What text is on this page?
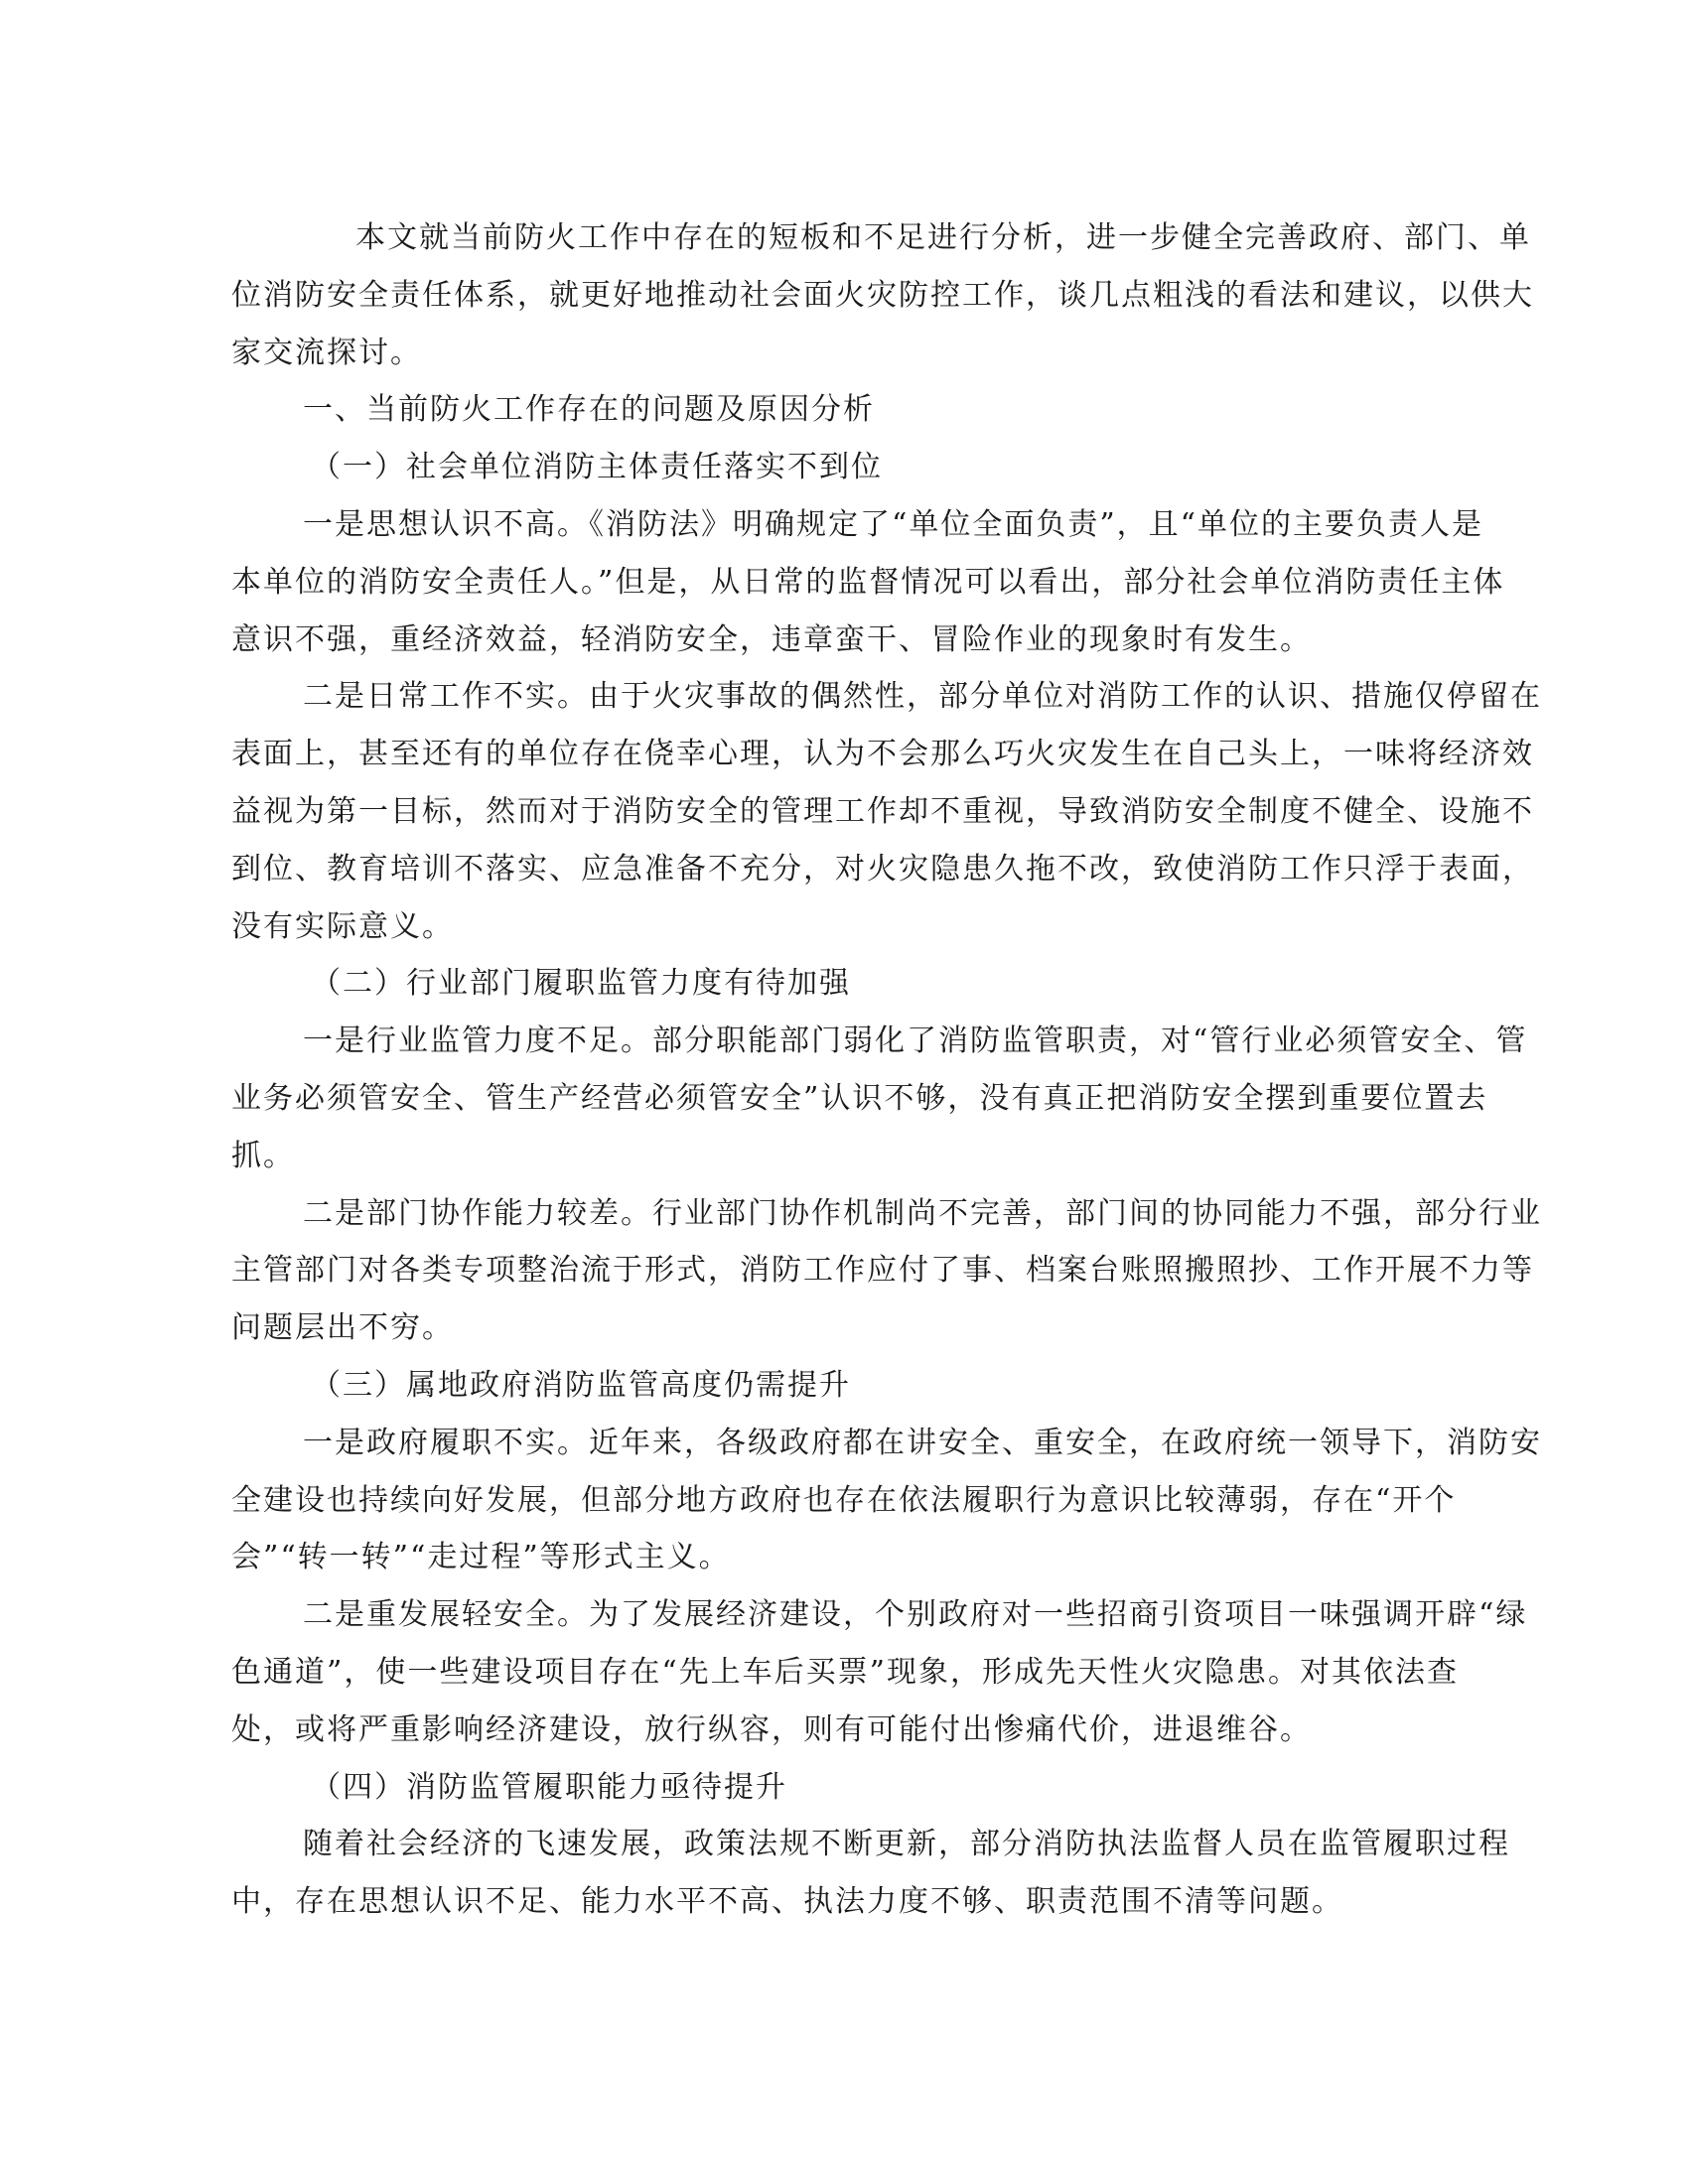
本文就当前防火工作中存在的短板和不足进行分析，进一步健全完善政府、部门、单
位消防安全责任体系，就更好地推动社会面火灾防控工作，谈几点粗浅的看法和建议，以供大
家交流探讨。
一、当前防火工作存在的问题及原因分析
（一）社会单位消防主体责任落实不到位
一是思想认识不高。《消防法》明确规定了“单位全面负责”，且“单位的主要负责人是
本单位的消防安全责任人。”但是，从日常的监督情况可以看出，部分社会单位消防责任主体
意识不强，重经济效益，轻消防安全，违章蛮干、冒险作业的现象时有发生。
二是日常工作不实。由于火灾事故的偶然性，部分单位对消防工作的认识、措施仅停留在
表面上，甚至还有的单位存在侥幸心理，认为不会那么巧火灾发生在自己头上，一味将经济效
益视为第一目标，然而对于消防安全的管理工作却不重视，导致消防安全制度不健全、设施不
到位、教育培训不落实、应急准备不充分，对火灾隐患久拖不改，致使消防工作只浮于表面，
没有实际意义。
（二）行业部门履职监管力度有待加强
一是行业监管力度不足。部分职能部门弱化了消防监管职责，对“管行业必须管安全、管
业务必须管安全、管生产经营必须管安全”认识不够，没有真正把消防安全摆到重要位置去
抓。
二是部门协作能力较差。行业部门协作机制尚不完善，部门间的协同能力不强，部分行业
主管部门对各类专项整治流于形式，消防工作应付了事、档案台账照搬照抄、工作开展不力等
问题层出不穷。
（三）属地政府消防监管高度仍需提升
一是政府履职不实。近年来，各级政府都在讲安全、重安全，在政府统一领导下，消防安
全建设也持续向好发展，但部分地方政府也存在依法履职行为意识比较薄弱，存在“开个
会”“转一转”“走过程”等形式主义。
二是重发展轻安全。为了发展经济建设，个别政府对一些招商引资项目一味强调开辟“绿
色通道”，使一些建设项目存在“先上车后买票”现象，形成先天性火灾隐患。对其依法查
处，或将严重影响经济建设，放行纵容，则有可能付出惨痛代价，进退维谷。
（四）消防监管履职能力亟待提升
随着社会经济的飞速发展，政策法规不断更新，部分消防执法监督人员在监管履职过程
中，存在思想认识不足、能力水平不高、执法力度不够、职责范围不清等问题。
